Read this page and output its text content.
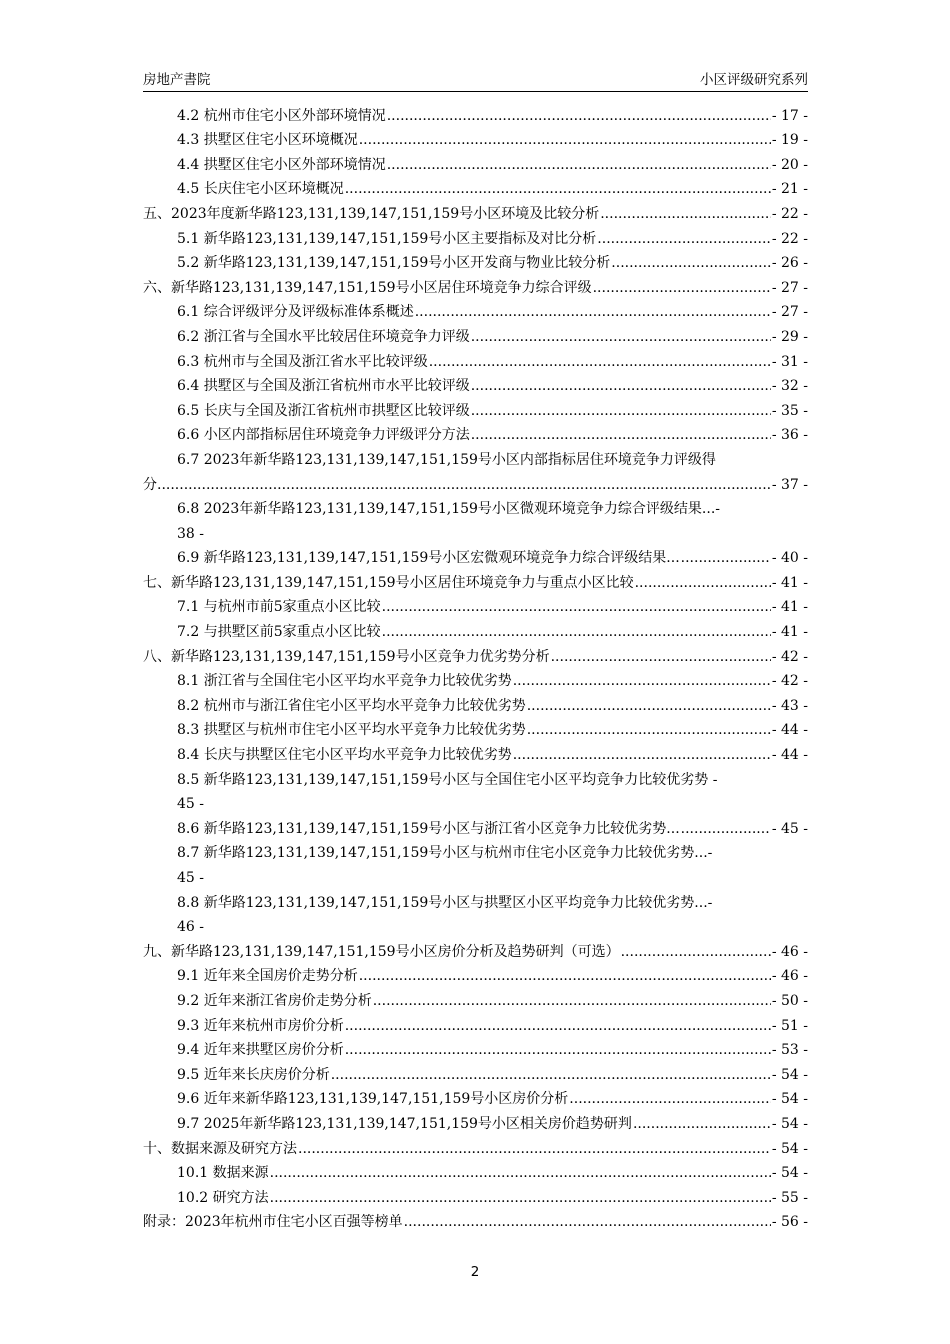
房地产書院	小区评级研究系列
4.2 杭州市住宅小区外部环境情况 .....	- 17 -
4.3 拱墅区住宅小区环境概况 .....	- 19 -
4.4 拱墅区住宅小区外部环境情况 .....	- 20 -
4.5 长庆住宅小区环境概况 .....	- 21 -
五、2023年度新华路123,131,139,147,151,159号小区环境及比较分析 .....	- 22 -
5.1 新华路123,131,139,147,151,159号小区主要指标及对比分析 .....	- 22 -
5.2 新华路123,131,139,147,151,159号小区开发商与物业比较分析 .....	- 26 -
六、新华路123,131,139,147,151,159号小区居住环境竞争力综合评级 .....	- 27 -
6.1 综合评级评分及评级标准体系概述 .....	- 27 -
6.2 浙江省与全国水平比较居住环境竞争力评级 .....	- 29 -
6.3 杭州市与全国及浙江省水平比较评级 .....	- 31 -
6.4 拱墅区与全国及浙江省杭州市水平比较评级 .....	- 32 -
6.5 长庆与全国及浙江省杭州市拱墅区比较评级 .....	- 35 -
6.6 小区内部指标居住环境竞争力评级评分方法 .....	- 36 -
6.7 2023年新华路123,131,139,147,151,159号小区内部指标居住环境竞争力评级得
分 .....	- 37 -
6.8 2023年新华路123,131,139,147,151,159号小区微观环境竞争力综合评级结果...-
38 -
6.9 新华路123,131,139,147,151,159号小区宏微观环境竞争力综合评级结果... .....	- 40 -
七、新华路123,131,139,147,151,159号小区居住环境竞争力与重点小区比较 .....	- 41 -
7.1 与杭州市前5家重点小区比较 .....	- 41 -
7.2 与拱墅区前5家重点小区比较 .....	- 41 -
八、新华路123,131,139,147,151,159号小区竞争力优劣势分析 .....	- 42 -
8.1 浙江省与全国住宅小区平均水平竞争力比较优劣势 .....	- 42 -
8.2 杭州市与浙江省住宅小区平均水平竞争力比较优劣势 .....	- 43 -
8.3 拱墅区与杭州市住宅小区平均水平竞争力比较优劣势 .....	- 44 -
8.4 长庆与拱墅区住宅小区平均水平竞争力比较优劣势 .....	- 44 -
8.5 新华路123,131,139,147,151,159号小区与全国住宅小区平均竞争力比较优劣势 -
45 -
8.6 新华路123,131,139,147,151,159号小区与浙江省小区竞争力比较优劣势... .....	- 45 -
8.7 新华路123,131,139,147,151,159号小区与杭州市住宅小区竞争力比较优劣势...-
45 -
8.8 新华路123,131,139,147,151,159号小区与拱墅区小区平均竞争力比较优劣势...-
46 -
九、新华路123,131,139,147,151,159号小区房价分析及趋势研判（可选） .....	- 46 -
9.1 近年来全国房价走势分析 .....	- 46 -
9.2 近年来浙江省房价走势分析 .....	- 50 -
9.3 近年来杭州市房价分析 .....	- 51 -
9.4 近年来拱墅区房价分析 .....	- 53 -
9.5 近年来长庆房价分析 .....	- 54 -
9.6 近年来新华路123,131,139,147,151,159号小区房价分析 .....	- 54 -
9.7 2025年新华路123,131,139,147,151,159号小区相关房价趋势研判 .....	- 54 -
十、数据来源及研究方法 .....	- 54 -
10.1 数据来源 .....	- 54 -
10.2 研究方法 .....	- 55 -
附录：2023年杭州市住宅小区百强等榜单 .....	- 56 -
2
